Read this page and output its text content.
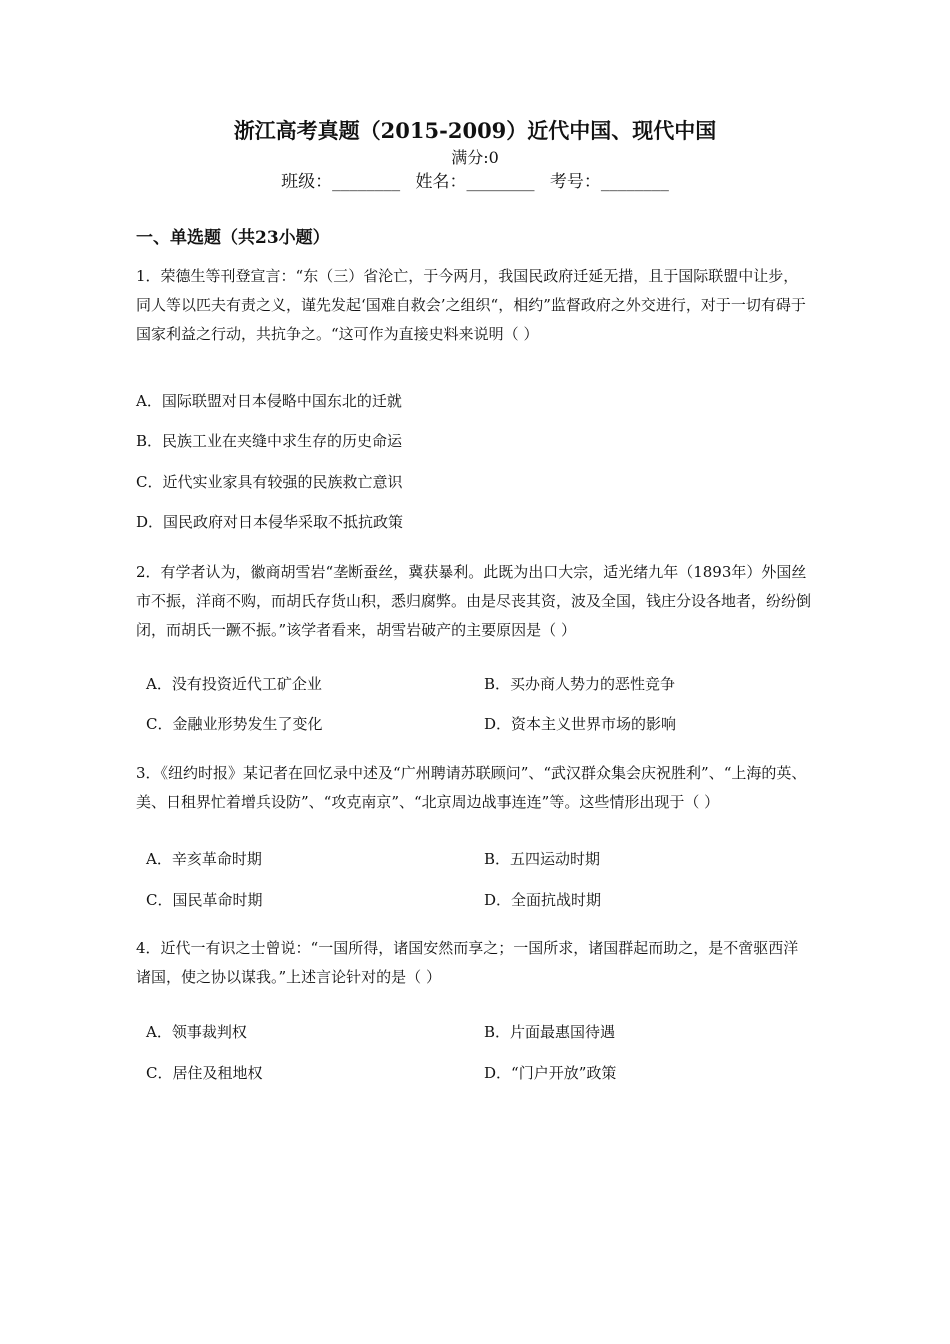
浙江高考真题（2015-2009）近代中国、现代中国
满分:0
班级：________ 姓名：________ 考号：________
一、单选题（共23小题）
1．荣德生等刊登宣言：“东（三）省沦亡，于今两月，我国民政府迁延无措，且于国际联盟中让步，同人等以匹夫有责之义，谨先发起‘国难自救会’之组织“，相约”监督政府之外交进行，对于一切有碍于国家利益之行动，共抗争之。“这可作为直接史料来说明（ ）
A．国际联盟对日本侵略中国东北的迁就
B．民族工业在夹缝中求生存的历史命运
C．近代实业家具有较强的民族救亡意识
D．国民政府对日本侵华采取不抵抗政策
2．有学者认为，徽商胡雪岩“垄断蚕丝，冀获暴利。此既为出口大宗，适光绪九年（1893年）外国丝市不振，洋商不购，而胡氏存货山积，悉归腐弊。由是尽丧其资，波及全国，钱庄分设各地者，纷纷倒闭，而胡氏一蹶不振。”该学者看来，胡雪岩破产的主要原因是（ ）
A．没有投资近代工矿企业	B．买办商人势力的恶性竞争
C．金融业形势发生了变化	D．资本主义世界市场的影响
3．《纽约时报》某记者在回忆录中述及“广州聘请苏联顾问”、“武汉群众集会庆祝胜利”、“上海的英、美、日租界忙着增兵设防”、“攻克南京”、“北京周边战事连连”等。这些情形出现于（ ）
A．辛亥革命时期	B．五四运动时期
C．国民革命时期	D．全面抗战时期
4．近代一有识之士曾说：“一国所得，诸国安然而享之；一国所求，诸国群起而助之，是不啻驱西洋诸国，使之协以谋我。”上述言论针对的是（ ）
A．领事裁判权	B．片面最惠国待遇
C．居住及租地权	D．“门户开放”政策
